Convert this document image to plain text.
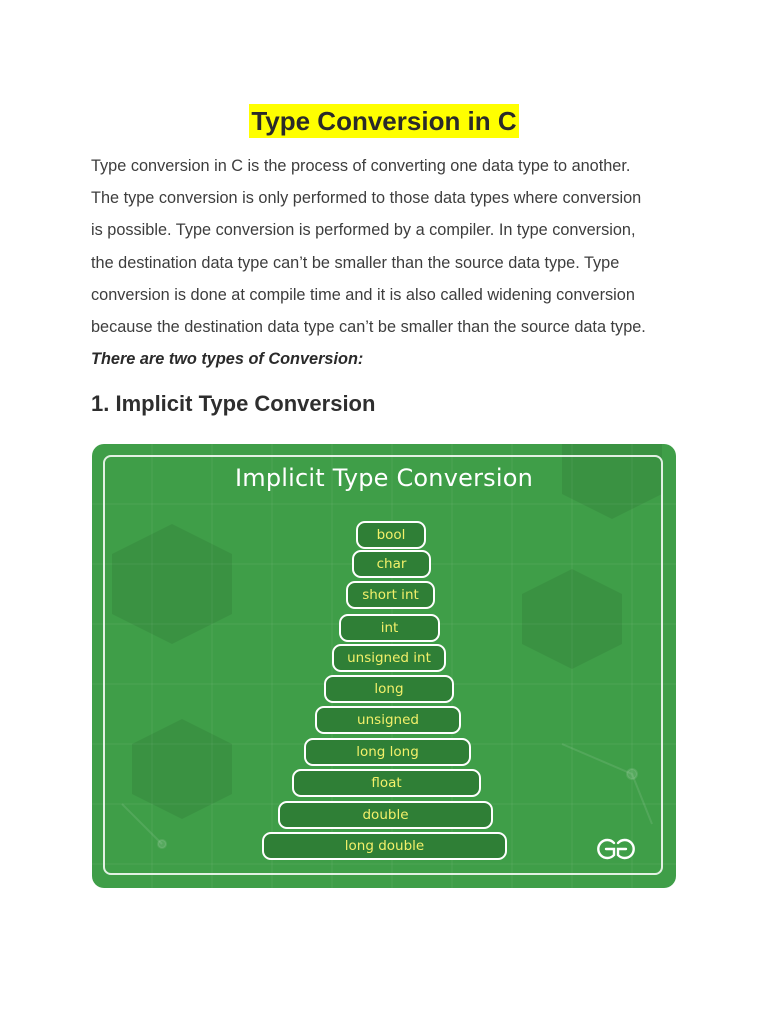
Type Conversion in C

Type conversion in C is the process of converting one data type to another.
The type conversion is only performed to those data types where conversion
is possible. Type conversion is performed by a compiler. In type conversion,
the destination data type can’t be smaller than the source data type. Type
conversion is done at compile time and it is also called widening conversion
because the destination data type can’t be smaller than the source data type.

There are two types of Conversion:
1. Implicit Type Conversion
Implicit Type Conversion
bool
char
short int
int
unsigned int
long
unsigned
long long
float
double
long double
